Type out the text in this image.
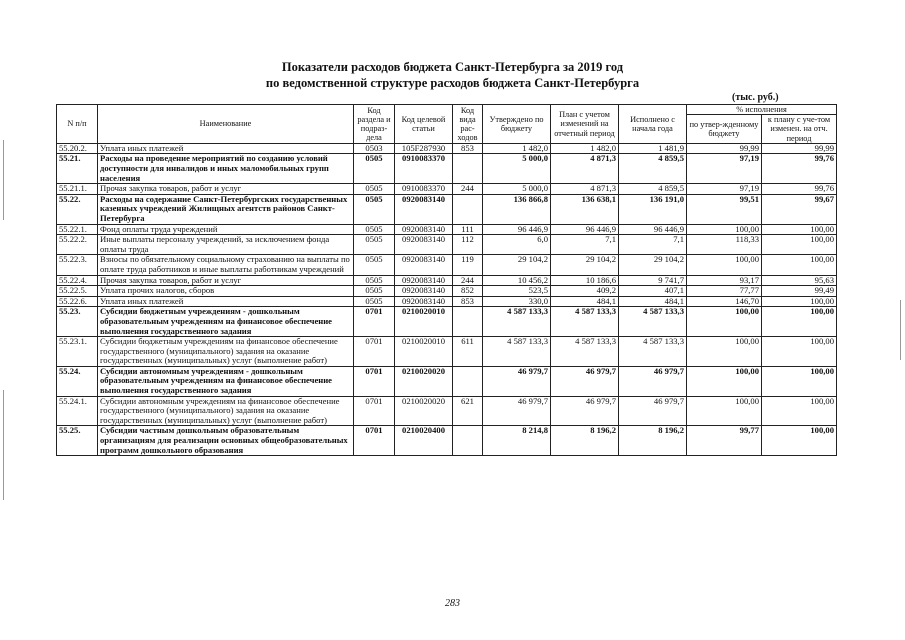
Показатели расходов бюджета Санкт-Петербурга за 2019 год
по ведомственной структуре расходов бюджета Санкт-Петербурга
(тыс. руб.)
N п/п	Наименование	Код раздела и подраз-дела	Код целевой статьи	Код вида рас-ходов	Утверждено по бюджету	План с учетом изменений на отчетный период	Исполнено с начала года	% исполнения	
								по утвер-жденному бюджету	к плану с уче-том изменен. на отч. период
55.20.2.	Уплата иных платежей	0503	105F287930	853	1 482,0	1 482,0	1 481,9	99,99	99,99
55.21.	Расходы на проведение мероприятий по созданию условий доступности для инвалидов и иных маломобильных групп населения	0505	0910083370		5 000,0	4 871,3	4 859,5	97,19	99,76
55.21.1.	Прочая закупка товаров, работ и услуг	0505	0910083370	244	5 000,0	4 871,3	4 859,5	97,19	99,76
55.22.	Расходы на содержание Санкт-Петербургских государственных казенных учреждений Жилищных агентств районов Санкт-Петербурга	0505	0920083140		136 866,8	136 638,1	136 191,0	99,51	99,67
55.22.1.	Фонд оплаты труда учреждений	0505	0920083140	111	96 446,9	96 446,9	96 446,9	100,00	100,00
55.22.2.	Иные выплаты персоналу учреждений, за исключением фонда оплаты труда	0505	0920083140	112	6,0	7,1	7,1	118,33	100,00
55.22.3.	Взносы по обязательному социальному страхованию на выплаты по оплате труда работников и иные выплаты работникам учреждений	0505	0920083140	119	29 104,2	29 104,2	29 104,2	100,00	100,00
55.22.4.	Прочая закупка товаров, работ и услуг	0505	0920083140	244	10 456,2	10 186,6	9 741,7	93,17	95,63
55.22.5.	Уплата прочих налогов, сборов	0505	0920083140	852	523,5	409,2	407,1	77,77	99,49
55.22.6.	Уплата иных платежей	0505	0920083140	853	330,0	484,1	484,1	146,70	100,00
55.23.	Субсидии бюджетным учреждениям - дошкольным образовательным учреждениям на финансовое обеспечение выполнения государственного задания	0701	0210020010		4 587 133,3	4 587 133,3	4 587 133,3	100,00	100,00
55.23.1.	Субсидии бюджетным учреждениям на финансовое обеспечение государственного (муниципального) задания на оказание государственных (муниципальных) услуг (выполнение работ)	0701	0210020010	611	4 587 133,3	4 587 133,3	4 587 133,3	100,00	100,00
55.24.	Субсидии автономным учреждениям - дошкольным образовательным учреждениям на финансовое обеспечение выполнения государственного задания	0701	0210020020		46 979,7	46 979,7	46 979,7	100,00	100,00
55.24.1.	Субсидии автономным учреждениям на финансовое обеспечение государственного (муниципального) задания на оказание государственных (муниципальных) услуг (выполнение работ)	0701	0210020020	621	46 979,7	46 979,7	46 979,7	100,00	100,00
55.25.	Субсидии частным дошкольным образовательным организациям для реализации основных общеобразовательных программ дошкольного образования	0701	0210020400		8 214,8	8 196,2	8 196,2	99,77	100,00
283
